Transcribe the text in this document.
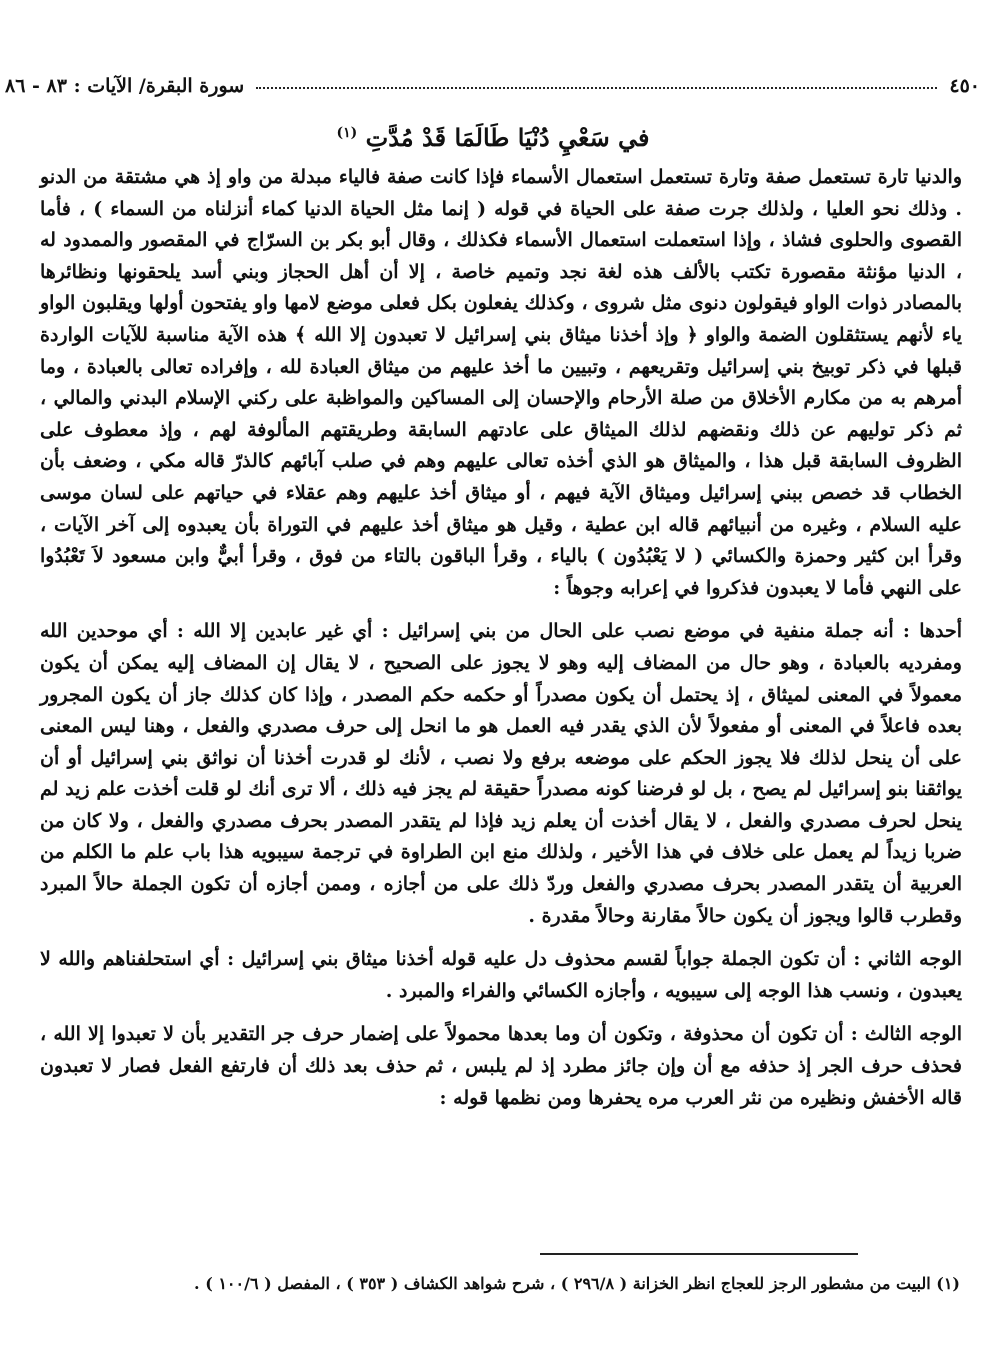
٤٥٠
سورة البقرة/ الآيات : ٨٣ - ٨٦
في سَعْيِ دُنْيَا طَالَمَا قَدْ مُدَّتِ $^{(١)}$

والدنيا تارة تستعمل صفة وتارة تستعمل استعمال الأسماء فإذا كانت صفة فالياء مبدلة من واو إذ هي مشتقة من الدنو . وذلك نحو العليا ، ولذلك جرت صفة على الحياة في قوله ( إنما مثل الحياة الدنيا كماء أنزلناه من السماء ) ، فأما القصوى والحلوى فشاذ ، وإذا استعملت استعمال الأسماء فكذلك ، وقال أبو بكر بن السرّاج في المقصور والممدود له ، الدنيا مؤنثة مقصورة تكتب بالألف هذه لغة نجد وتميم خاصة ، إلا أن أهل الحجاز وبني أسد يلحقونها ونظائرها بالمصادر ذوات الواو فيقولون دنوى مثل شروى ، وكذلك يفعلون بكل فعلى موضع لامها واو يفتحون أولها ويقلبون الواو ياء لأنهم يستثقلون الضمة والواو ﴿ وإذ أخذنا ميثاق بني إسرائيل لا تعبدون إلا الله ﴾ هذه الآية مناسبة للآيات الواردة قبلها في ذكر توبيخ بني إسرائيل وتقريعهم ، وتبيين ما أخذ عليهم من ميثاق العبادة لله ، وإفراده تعالى بالعبادة ، وما أمرهم به من مكارم الأخلاق من صلة الأرحام والإحسان إلى المساكين والمواظبة على ركني الإسلام البدني والمالي ، ثم ذكر توليهم عن ذلك ونقضهم لذلك الميثاق على عادتهم السابقة وطريقتهم المألوفة لهم ، وإذ معطوف على الظروف السابقة قبل هذا ، والميثاق هو الذي أخذه تعالى عليهم وهم في صلب آبائهم كالذرّ قاله مكي ، وضعف بأن الخطاب قد خصص ببني إسرائيل وميثاق الآية فيهم ، أو ميثاق أخذ عليهم وهم عقلاء في حياتهم على لسان موسى عليه السلام ، وغيره من أنبيائهم قاله ابن عطية ، وقيل هو ميثاق أخذ عليهم في التوراة بأن يعبدوه إلى آخر الآيات ، وقرأ ابن كثير وحمزة والكسائي ( لا يَعْبُدُون ) بالياء ، وقرأ الباقون بالتاء من فوق ، وقرأ أبيٌّ وابن مسعود لاَ تَعْبُدُوا على النهي فأما لا يعبدون فذكروا في إعرابه وجوهاً :

أحدها : أنه جملة منفية في موضع نصب على الحال من بني إسرائيل : أي غير عابدين إلا الله : أي موحدين الله ومفرديه بالعبادة ، وهو حال من المضاف إليه وهو لا يجوز على الصحيح ، لا يقال إن المضاف إليه يمكن أن يكون معمولاً في المعنى لميثاق ، إذ يحتمل أن يكون مصدراً أو حكمه حكم المصدر ، وإذا كان كذلك جاز أن يكون المجرور بعده فاعلاً في المعنى أو مفعولاً لأن الذي يقدر فيه العمل هو ما انحل إلى حرف مصدري والفعل ، وهنا ليس المعنى على أن ينحل لذلك فلا يجوز الحكم على موضعه برفع ولا نصب ، لأنك لو قدرت أخذنا أن نواثق بني إسرائيل أو أن يواثقنا بنو إسرائيل لم يصح ، بل لو فرضنا كونه مصدراً حقيقة لم يجز فيه ذلك ، ألا ترى أنك لو قلت أخذت علم زيد لم ينحل لحرف مصدري والفعل ، لا يقال أخذت أن يعلم زيد فإذا لم يتقدر المصدر بحرف مصدري والفعل ، ولا كان من ضربا زيداً لم يعمل على خلاف في هذا الأخير ، ولذلك منع ابن الطراوة في ترجمة سيبويه هذا باب علم ما الكلم من العربية أن يتقدر المصدر بحرف مصدري والفعل وردّ ذلك على من أجازه ، وممن أجازه أن تكون الجملة حالاً المبرد وقطرب قالوا ويجوز أن يكون حالاً مقارنة وحالاً مقدرة .

الوجه الثاني : أن تكون الجملة جواباً لقسم محذوف دل عليه قوله أخذنا ميثاق بني إسرائيل : أي استحلفناهم والله لا يعبدون ، ونسب هذا الوجه إلى سيبويه ، وأجازه الكسائي والفراء والمبرد .

الوجه الثالث : أن تكون أن محذوفة ، وتكون أن وما بعدها محمولاً على إضمار حرف جر التقدير بأن لا تعبدوا إلا الله ، فحذف حرف الجر إذ حذفه مع أن وإن جائز مطرد إذ لم يلبس ، ثم حذف بعد ذلك أن فارتفع الفعل فصار لا تعبدون قاله الأخفش ونظيره من نثر العرب مره يحفرها ومن نظمها قوله :

(١) البيت من مشطور الرجز للعجاج انظر الخزانة ( ٢٩٦/٨ ) ، شرح شواهد الكشاف ( ٣٥٣ ) ، المفصل ( ١٠٠/٦ ) .
